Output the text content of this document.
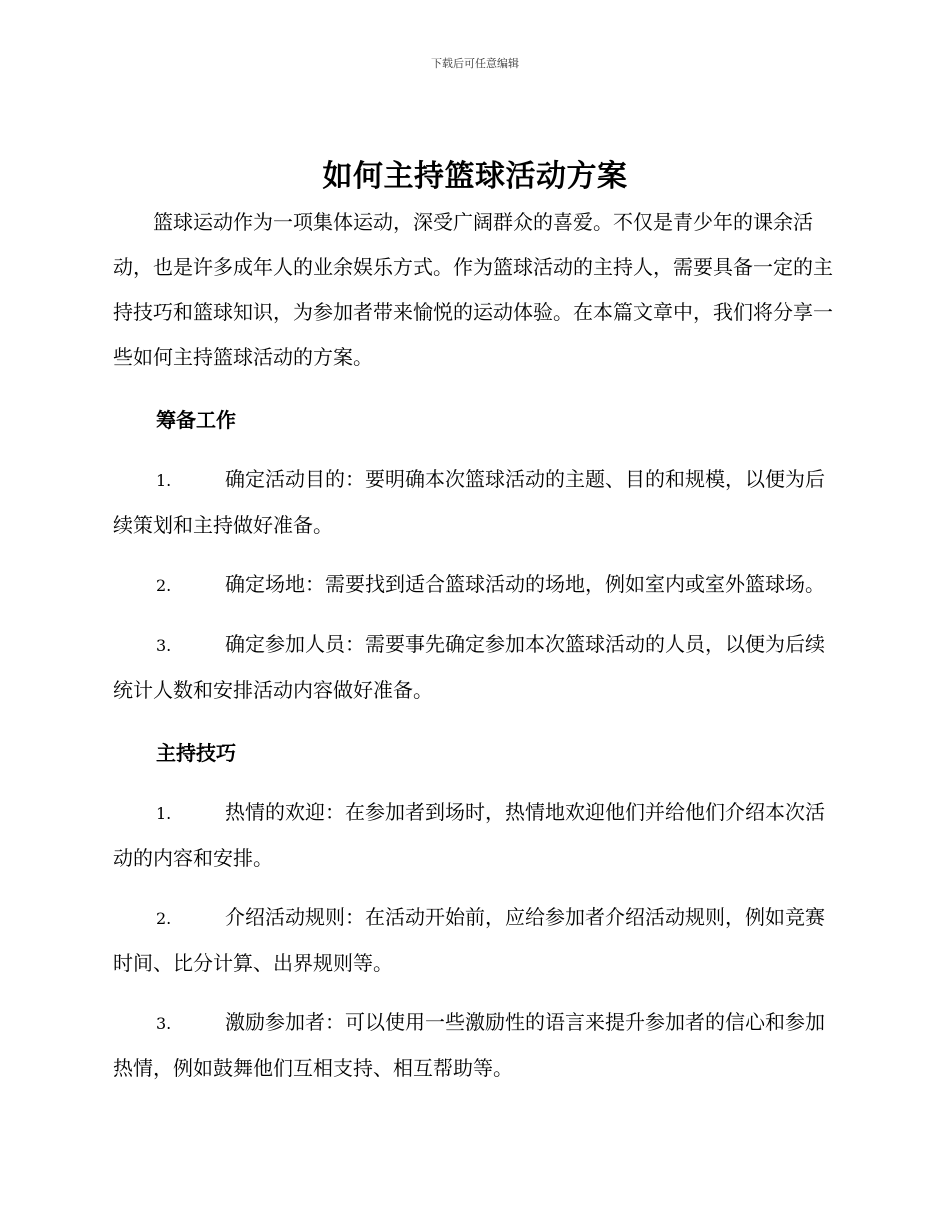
下载后可任意编辑
如何主持篮球活动方案

篮球运动作为一项集体运动，深受广阔群众的喜爱。不仅是青少年的课余活动，也是许多成年人的业余娱乐方式。作为篮球活动的主持人，需要具备一定的主持技巧和篮球知识，为参加者带来愉悦的运动体验。在本篇文章中，我们将分享一些如何主持篮球活动的方案。

筹备工作

1.	确定活动目的：要明确本次篮球活动的主题、目的和规模，以便为后续策划和主持做好准备。

2.	确定场地：需要找到适合篮球活动的场地，例如室内或室外篮球场。

3.	确定参加人员：需要事先确定参加本次篮球活动的人员，以便为后续统计人数和安排活动内容做好准备。

主持技巧

1.	热情的欢迎：在参加者到场时，热情地欢迎他们并给他们介绍本次活动的内容和安排。

2.	介绍活动规则：在活动开始前，应给参加者介绍活动规则，例如竞赛时间、比分计算、出界规则等。

3.	激励参加者：可以使用一些激励性的语言来提升参加者的信心和参加热情，例如鼓舞他们互相支持、相互帮助等。
